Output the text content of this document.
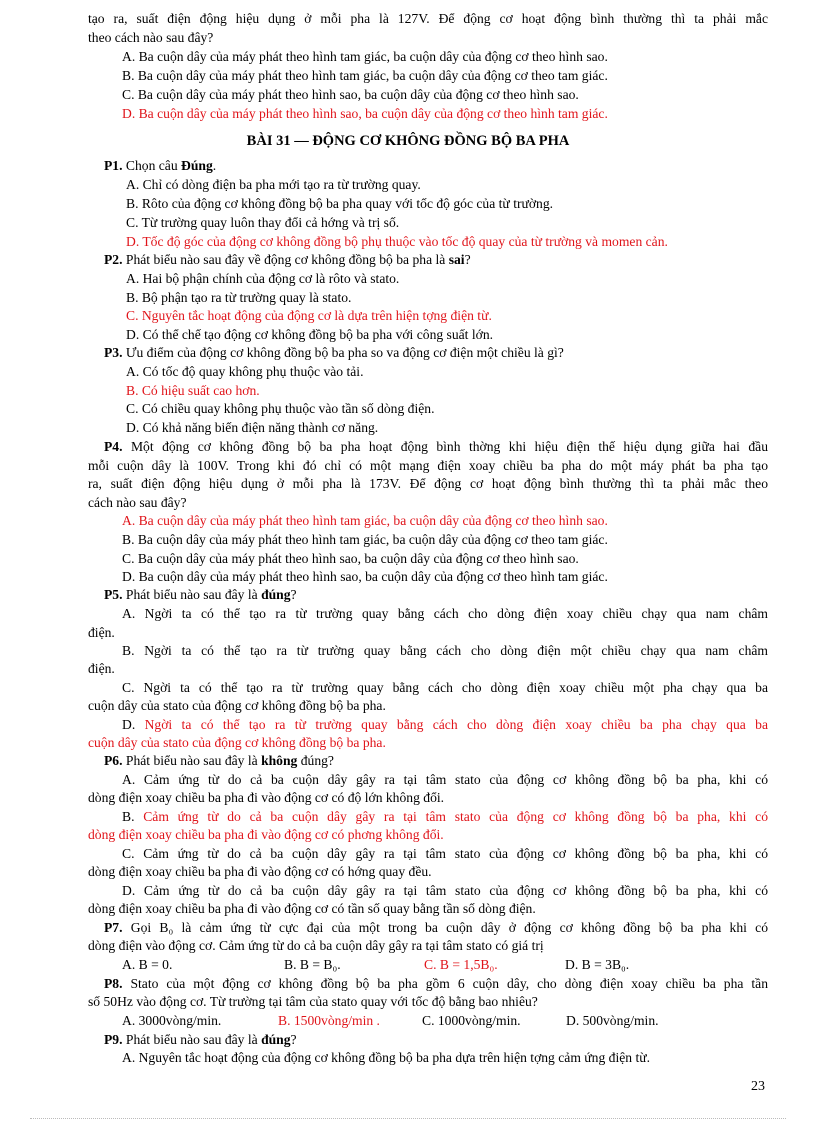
tạo ra, suất điện động hiệu dụng ở mỗi pha là 127V. Để động cơ hoạt động bình thường thì ta phải mắc
theo cách nào sau đây?
A. Ba cuộn dây của máy phát theo hình tam giác, ba cuộn dây của động cơ theo hình sao.
B. Ba cuộn dây của máy phát theo hình tam giác, ba cuộn dây của động cơ theo tam giác.
C. Ba cuộn dây của máy phát theo hình sao, ba cuộn dây của động cơ theo hình sao.
D. Ba cuộn dây của máy phát theo hình sao, ba cuộn dây của động cơ theo hình tam giác.
BÀI 31 — ĐỘNG CƠ KHÔNG ĐỒNG BỘ BA PHA
P1. Chọn câu Đúng.
A. Chỉ có dòng điện ba pha mới tạo ra từ trường quay.
B. Rôto của động cơ không đồng bộ ba pha quay với tốc độ góc của từ trường.
C. Từ trường quay luôn thay đổi cả hớng và trị số.
D. Tốc độ góc của động cơ không đồng bộ phụ thuộc vào tốc độ quay của từ trường và momen cản.
P2. Phát biểu nào sau đây về động cơ không đồng bộ ba pha là sai?
A. Hai bộ phận chính của động cơ là rôto và stato.
B. Bộ phận tạo ra từ trường quay là stato.
C. Nguyên tắc hoạt động của động cơ là dựa trên hiện tợng điện từ.
D. Có thể chế tạo động cơ không đồng bộ ba pha với công suất lớn.
P3. Ưu điểm của động cơ không đồng bộ ba pha so va động cơ điện một chiều là gì?
A. Có tốc độ quay không phụ thuộc vào tải.
B. Có hiệu suất cao hơn.
C. Có chiều quay không phụ thuộc vào tần số dòng điện.
D. Có khả năng biến điện năng thành cơ năng.
P4. Một động cơ không đồng bộ ba pha hoạt động bình thờng khi hiệu điện thế hiệu dụng giữa hai đầu
mỗi cuộn dây là 100V. Trong khi đó chỉ có một mạng điện xoay chiều ba pha do một máy phát ba pha tạo
ra, suất điện động hiệu dụng ở mỗi pha là 173V. Để động cơ hoạt động bình thường thì ta phải mắc theo
cách nào sau đây?
A. Ba cuộn dây của máy phát theo hình tam giác, ba cuộn dây của động cơ theo hình sao.
B. Ba cuộn dây của máy phát theo hình tam giác, ba cuộn dây của động cơ theo tam giác.
C. Ba cuộn dây của máy phát theo hình sao, ba cuộn dây của động cơ theo hình sao.
D. Ba cuộn dây của máy phát theo hình sao, ba cuộn dây của động cơ theo hình tam giác.
P5. Phát biểu nào sau đây là đúng?
A. Ngời ta có thể tạo ra từ trường quay bằng cách cho dòng điện xoay chiều chạy qua nam châm
điện.
B. Ngời ta có thể tạo ra từ trường quay bằng cách cho dòng điện một chiều chạy qua nam châm
điện.
C. Ngời ta có thể tạo ra từ trường quay bằng cách cho dòng điện xoay chiều một pha chạy qua ba
cuộn dây của stato của động cơ không đồng bộ ba pha.
D. Ngời ta có thể tạo ra từ trường quay bằng cách cho dòng điện xoay chiều ba pha chạy qua ba
cuộn dây của stato của động cơ không đồng bộ ba pha.
P6. Phát biểu nào sau đây là không đúng?
A. Cảm ứng từ do cả ba cuộn dây gây ra tại tâm stato của động cơ không đồng bộ ba pha, khi có
dòng điện xoay chiều ba pha đi vào động cơ có độ lớn không đổi.
B. Cảm ứng từ do cả ba cuộn dây gây ra tại tâm stato của động cơ không đồng bộ ba pha, khi có
dòng điện xoay chiều ba pha đi vào động cơ có phơng không đổi.
C. Cảm ứng từ do cả ba cuộn dây gây ra tại tâm stato của động cơ không đồng bộ ba pha, khi có
dòng điện xoay chiều ba pha đi vào động cơ có hớng quay đều.
D. Cảm ứng từ do cả ba cuộn dây gây ra tại tâm stato của động cơ không đồng bộ ba pha, khi có
dòng điện xoay chiều ba pha đi vào động cơ có tần số quay bằng tần số dòng điện.
P7. Gọi B₀ là cảm ứng từ cực đại của một trong ba cuộn dây ở động cơ không đồng bộ ba pha khi có
dòng điện vào động cơ. Cảm ứng từ do cả ba cuộn dây gây ra tại tâm stato có giá trị
A. B = 0.	B. B = B₀.	C. B = 1,5B₀.	D. B = 3B₀.
P8. Stato của một động cơ không đồng bộ ba pha gồm 6 cuộn dây, cho dòng điện xoay chiều ba pha tần
số 50Hz vào động cơ. Từ trường tại tâm của stato quay với tốc độ bằng bao nhiêu?
A. 3000vòng/min.	B. 1500vòng/min .	C. 1000vòng/min.	D. 500vòng/min.
P9. Phát biểu nào sau đây là đúng?
A. Nguyên tắc hoạt động của động cơ không đồng bộ ba pha dựa trên hiện tợng cảm ứng điện từ.
23
